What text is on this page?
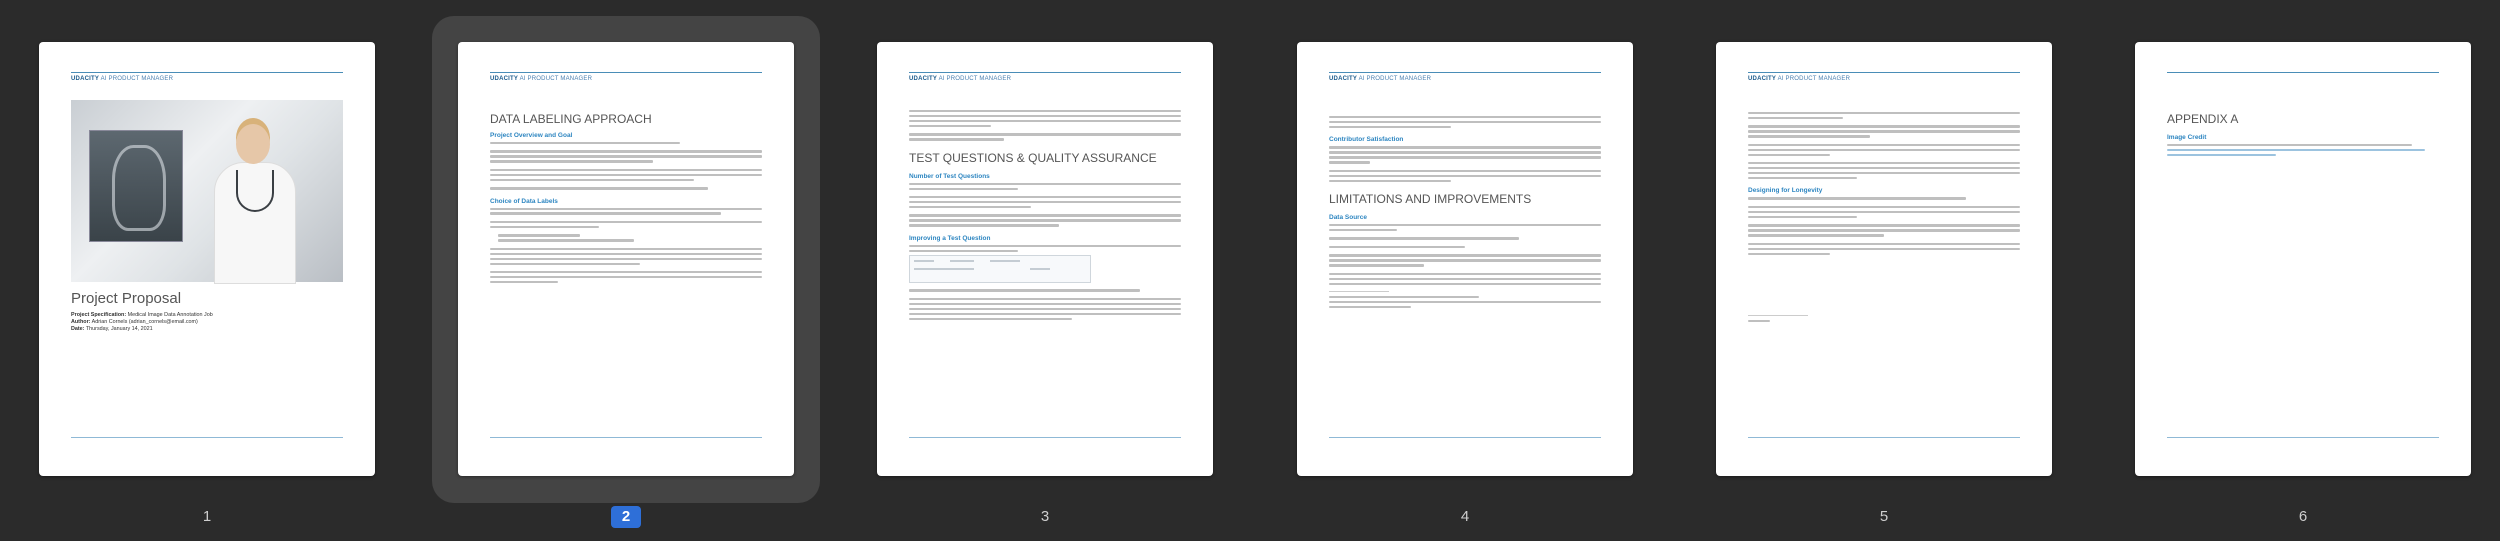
UDACITY AI PRODUCT MANAGER
Project Proposal
Project Specification: Medical Image Data Annotation Job
Author: Adrian Cornels (adrian_cornels@email.com)
Date: Thursday, January 14, 2021
1
UDACITY AI PRODUCT MANAGER
DATA LABELING APPROACH
Project Overview and Goal
Choice of Data Labels
2
UDACITY AI PRODUCT MANAGER
TEST QUESTIONS & QUALITY ASSURANCE
Number of Test Questions
Improving a Test Question
3
UDACITY AI PRODUCT MANAGER
Contributor Satisfaction
LIMITATIONS AND IMPROVEMENTS
Data Source
4
UDACITY AI PRODUCT MANAGER
Designing for Longevity
5
APPENDIX A
Image Credit
6
